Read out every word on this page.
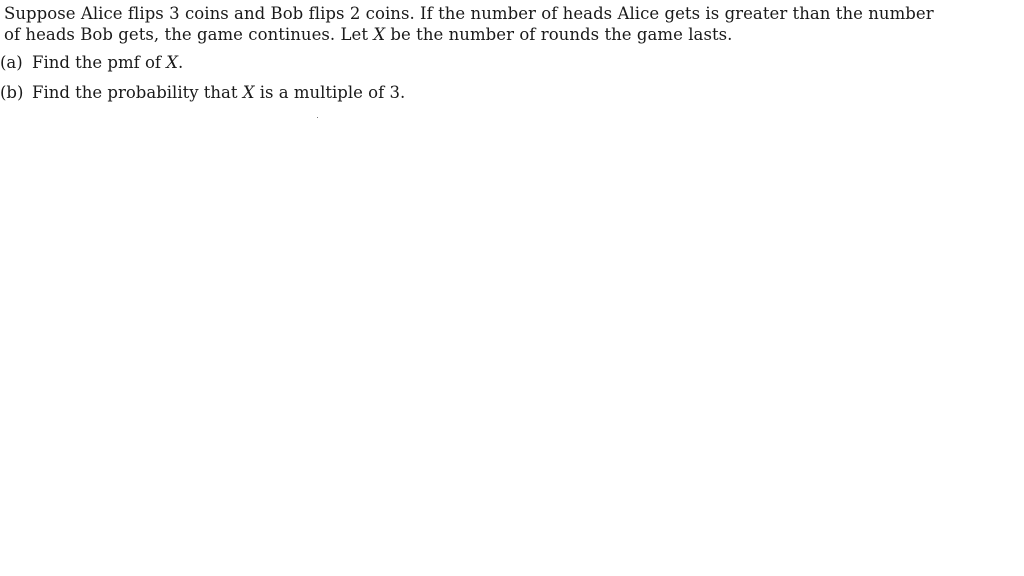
Suppose Alice flips 3 coins and Bob flips 2 coins. If the number of heads Alice gets is greater than the number
of heads Bob gets, the game continues. Let X be the number of rounds the game lasts.

(a) Find the pmf of X.
(b) Find the probability that X is a multiple of 3.
